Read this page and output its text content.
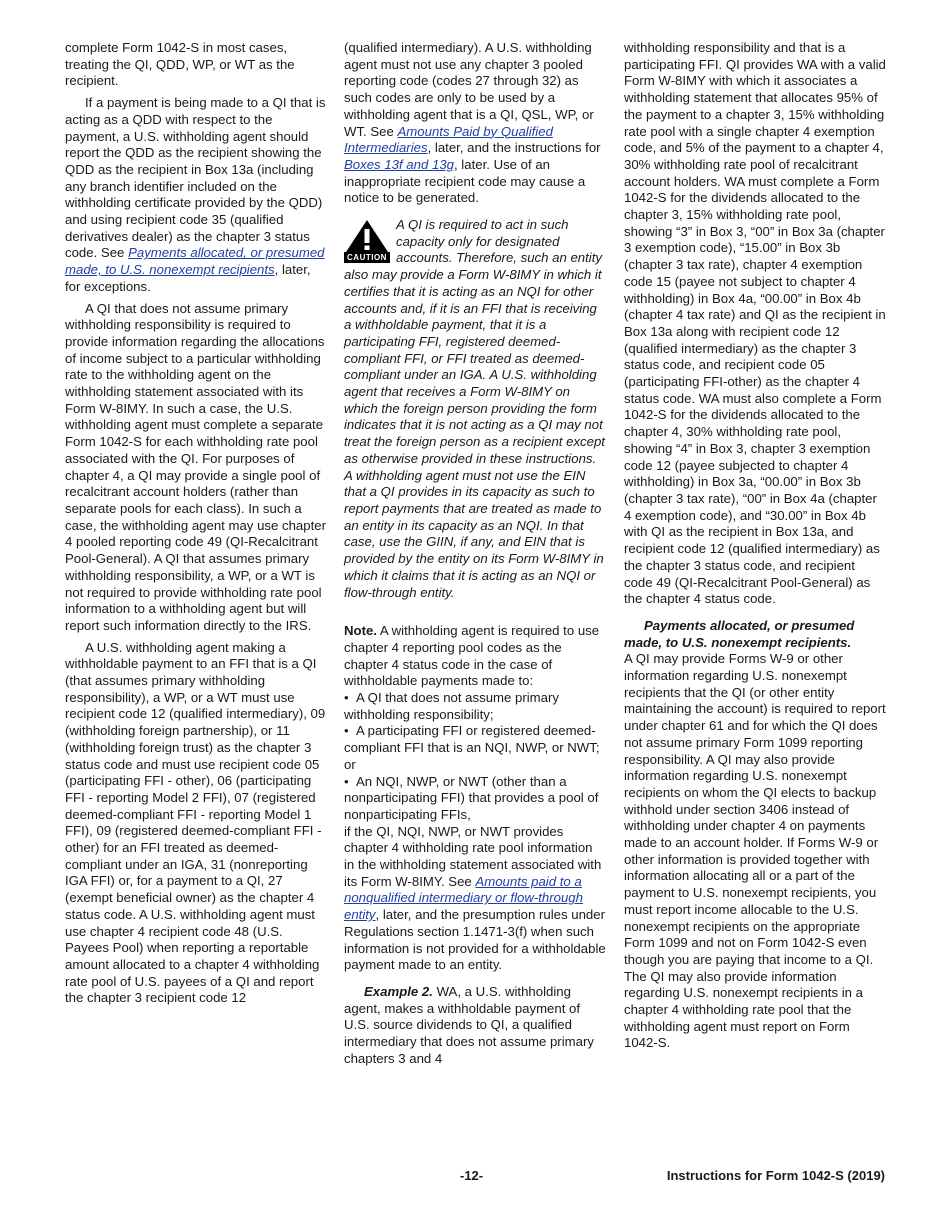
complete Form 1042-S in most cases, treating the QI, QDD, WP, or WT as the recipient.

If a payment is being made to a QI that is acting as a QDD with respect to the payment, a U.S. withholding agent should report the QDD as the recipient showing the QDD as the recipient in Box 13a (including any branch identifier included on the withholding certificate provided by the QDD) and using recipient code 35 (qualified derivatives dealer) as the chapter 3 status code. See Payments allocated, or presumed made, to U.S. nonexempt recipients, later, for exceptions.

A QI that does not assume primary withholding responsibility is required to provide information regarding the allocations of income subject to a particular withholding rate to the withholding agent on the withholding statement associated with its Form W-8IMY. In such a case, the U.S. withholding agent must complete a separate Form 1042-S for each withholding rate pool associated with the QI. For purposes of chapter 4, a QI may provide a single pool of recalcitrant account holders (rather than separate pools for each class). In such a case, the withholding agent may use chapter 4 pooled reporting code 49 (QI-Recalcitrant Pool-General). A QI that assumes primary withholding responsibility, a WP, or a WT is not required to provide withholding rate pool information to a withholding agent but will report such information directly to the IRS.

A U.S. withholding agent making a withholdable payment to an FFI that is a QI (that assumes primary withholding responsibility), a WP, or a WT must use recipient code 12 (qualified intermediary), 09 (withholding foreign partnership), or 11 (withholding foreign trust) as the chapter 3 status code and must use recipient code 05 (participating FFI - other), 06 (participating FFI - reporting Model 2 FFI), 07 (registered deemed-compliant FFI - reporting Model 1 FFI), 09 (registered deemed-compliant FFI - other) for an FFI treated as deemed-compliant under an IGA, 31 (nonreporting IGA FFI) or, for a payment to a QI, 27 (exempt beneficial owner) as the chapter 4 status code. A U.S. withholding agent must use chapter 4 recipient code 48 (U.S. Payees Pool) when reporting a reportable amount allocated to a chapter 4 withholding rate pool of U.S. payees of a QI and report the chapter 3 recipient code 12

(qualified intermediary). A U.S. withholding agent must not use any chapter 3 pooled reporting code (codes 27 through 32) as such codes are only to be used by a withholding agent that is a QI, QSL, WP, or WT. See Amounts Paid by Qualified Intermediaries, later, and the instructions for Boxes 13f and 13g, later. Use of an inappropriate recipient code may cause a notice to be generated.

CAUTION
A QI is required to act in such capacity only for designated accounts. Therefore, such an entity also may provide a Form W-8IMY in which it certifies that it is acting as an NQI for other accounts and, if it is an FFI that is receiving a withholdable payment, that it is a participating FFI, registered deemed-compliant FFI, or FFI treated as deemed-compliant under an IGA. A U.S. withholding agent that receives a Form W-8IMY on which the foreign person providing the form indicates that it is not acting as a QI may not treat the foreign person as a recipient except as otherwise provided in these instructions. A withholding agent must not use the EIN that a QI provides in its capacity as such to report payments that are treated as made to an entity in its capacity as an NQI. In that case, use the GIIN, if any, and EIN that is provided by the entity on its Form W-8IMY in which it claims that it is acting as an NQI or flow-through entity.

Note. A withholding agent is required to use chapter 4 reporting pool codes as the chapter 4 status code in the case of withholdable payments made to:

•  A QI that does not assume primary withholding responsibility;

•  A participating FFI or registered deemed-compliant FFI that is an NQI, NWP, or NWT; or

•  An NQI, NWP, or NWT (other than a nonparticipating FFI) that provides a pool of nonparticipating FFIs,

if the QI, NQI, NWP, or NWT provides chapter 4 withholding rate pool information in the withholding statement associated with its Form W-8IMY. See Amounts paid to a nonqualified intermediary or flow-through entity, later, and the presumption rules under Regulations section 1.1471-3(f) when such information is not provided for a withholdable payment made to an entity.

Example 2. WA, a U.S. withholding agent, makes a withholdable payment of U.S. source dividends to QI, a qualified intermediary that does not assume primary chapters 3 and 4

withholding responsibility and that is a participating FFI. QI provides WA with a valid Form W-8IMY with which it associates a withholding statement that allocates 95% of the payment to a chapter 3, 15% withholding rate pool with a single chapter 4 exemption code, and 5% of the payment to a chapter 4, 30% withholding rate pool of recalcitrant account holders. WA must complete a Form 1042-S for the dividends allocated to the chapter 3, 15% withholding rate pool, showing “3” in Box 3, “00” in Box 3a (chapter 3 exemption code), “15.00” in Box 3b (chapter 3 tax rate), chapter 4 exemption code 15 (payee not subject to chapter 4 withholding) in Box 4a, “00.00” in Box 4b (chapter 4 tax rate) and QI as the recipient in Box 13a along with recipient code 12 (qualified intermediary) as the chapter 3 status code, and recipient code 05 (participating FFI-other) as the chapter 4 status code. WA must also complete a Form 1042-S for the dividends allocated to the chapter 4, 30% withholding rate pool, showing “4” in Box 3, chapter 3 exemption code 12 (payee subjected to chapter 4 withholding) in Box 3a, “00.00” in Box 3b (chapter 3 tax rate), “00” in Box 4a (chapter 4 exemption code), and “30.00” in Box 4b with QI as the recipient in Box 13a, and recipient code 12 (qualified intermediary) as the chapter 3 status code, and recipient code 49 (QI-Recalcitrant Pool-General) as the chapter 4 status code.

Payments allocated, or presumed made, to U.S. nonexempt recipients.

A QI may provide Forms W-9 or other information regarding U.S. nonexempt recipients that the QI (or other entity maintaining the account) is required to report under chapter 61 and for which the QI does not assume primary Form 1099 reporting responsibility. A QI may also provide information regarding U.S. nonexempt recipients on whom the QI elects to backup withhold under section 3406 instead of withholding under chapter 4 on payments made to an account holder. If Forms W-9 or other information is provided together with information allocating all or a part of the payment to U.S. nonexempt recipients, you must report income allocable to the U.S. nonexempt recipients on the appropriate Form 1099 and not on Form 1042-S even though you are paying that income to a QI. The QI may also provide information regarding U.S. nonexempt recipients in a chapter 4 withholding rate pool that the withholding agent must report on Form 1042-S.

-12-	Instructions for Form 1042-S (2019)
